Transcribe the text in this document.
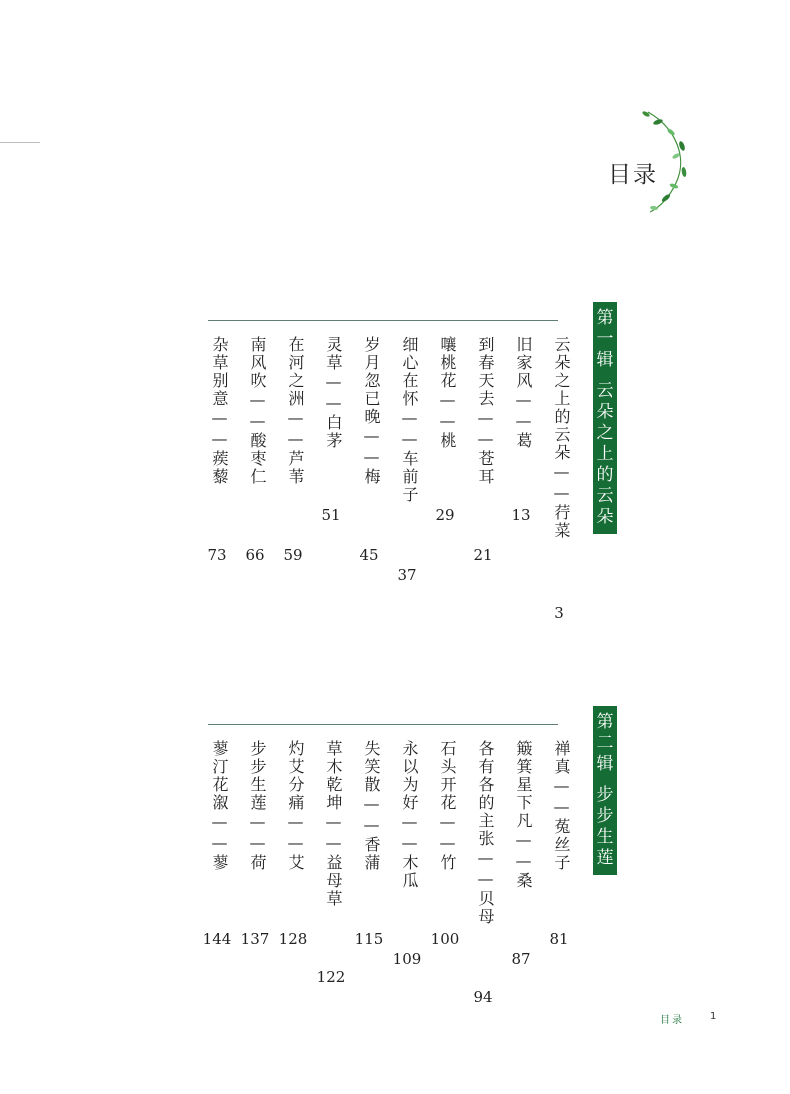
目录
第
一
辑
云
朵
之
上
的
云
朵
云朵之上的云朵——荇菜
3
旧家风——葛
13
到春天去——苍耳
21
嚷桃花——桃
29
细心在怀——车前子
37
岁月忽已晚——梅
45
灵草——白茅
51
在河之洲——芦苇
59
南风吹——酸枣仁
66
杂草别意——蒺藜
73
第
二
辑
步
步
生
莲
禅真——菟丝子
81
簸箕星下凡——桑
87
各有各的主张——贝母
94
石头开花——竹
100
永以为好——木瓜
109
失笑散——香蒲
115
草木乾坤——益母草
122
灼艾分痛——艾
128
步步生莲——荷
137
蓼汀花溆——蓼
144
目录	1
